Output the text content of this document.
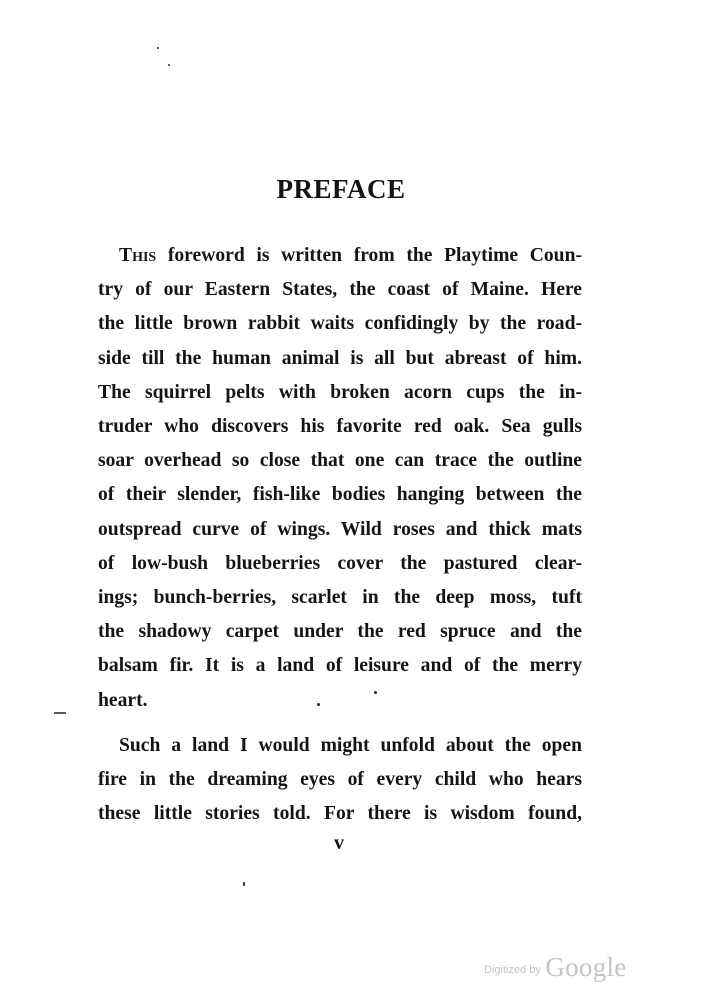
PREFACE
This foreword is written from the Playtime Coun-
try of our Eastern States, the coast of Maine. Here
the little brown rabbit waits confidingly by the road-
side till the human animal is all but abreast of him.
The squirrel pelts with broken acorn cups the in-
truder who discovers his favorite red oak. Sea gulls
soar overhead so close that one can trace the outline
of their slender, fish-like bodies hanging between the
outspread curve of wings. Wild roses and thick mats
of low-bush blueberries cover the pastured clear-
ings; bunch-berries, scarlet in the deep moss, tuft
the shadowy carpet under the red spruce and the
balsam fir. It is a land of leisure and of the merry
heart.
Such a land I would might unfold about the open
fire in the dreaming eyes of every child who hears
these little stories told. For there is wisdom found,
v
Digitized by Google
